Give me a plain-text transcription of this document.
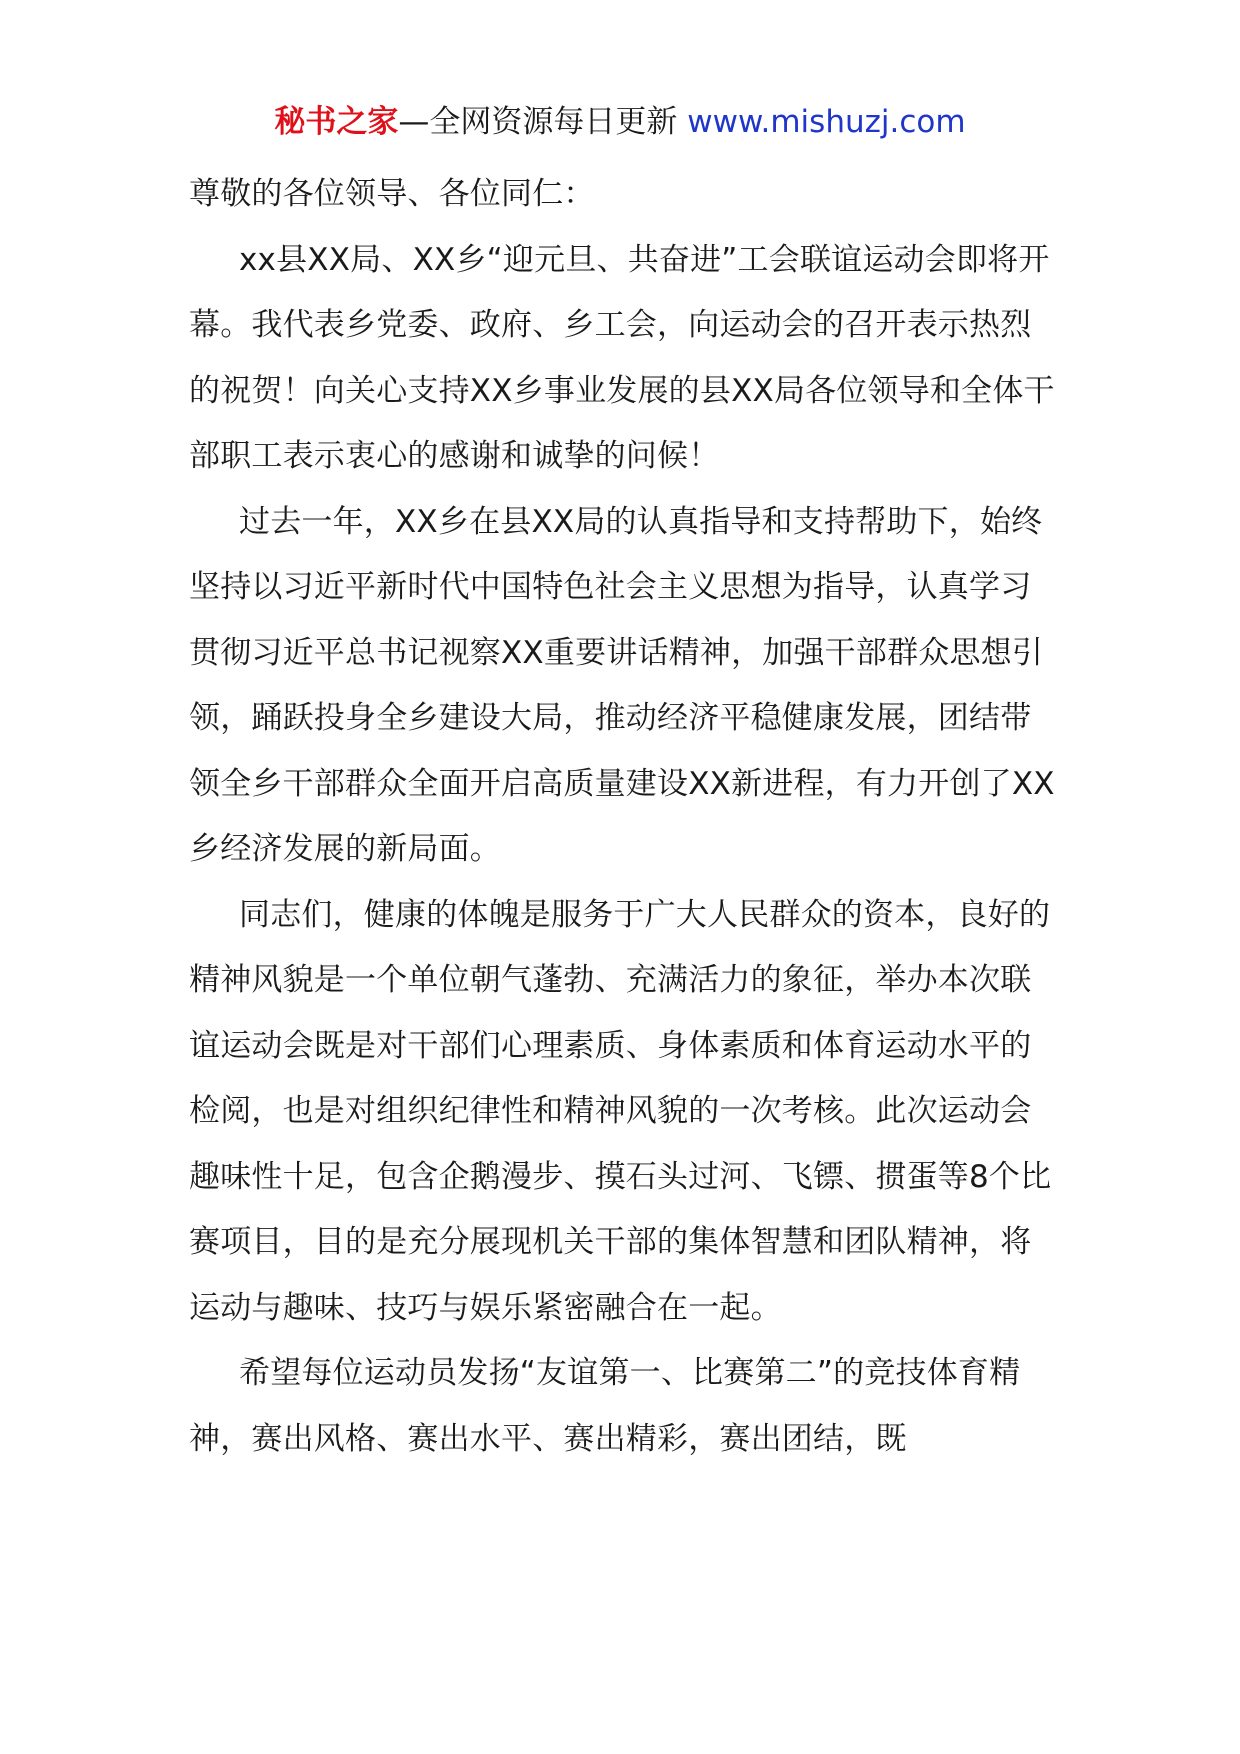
秘书之家—全网资源每日更新 www.mishuzj.com

尊敬的各位领导、各位同仁：

xx县XX局、XX乡“迎元旦、共奋进”工会联谊运动会即将开幕。我代表乡党委、政府、乡工会，向运动会的召开表示热烈的祝贺！向关心支持XX乡事业发展的县XX局各位领导和全体干部职工表示衷心的感谢和诚挚的问候！

过去一年，XX乡在县XX局的认真指导和支持帮助下，始终坚持以习近平新时代中国特色社会主义思想为指导，认真学习贯彻习近平总书记视察XX重要讲话精神，加强干部群众思想引领，踊跃投身全乡建设大局，推动经济平稳健康发展，团结带领全乡干部群众全面开启高质量建设XX新进程，有力开创了XX乡经济发展的新局面。

同志们，健康的体魄是服务于广大人民群众的资本，良好的精神风貌是一个单位朝气蓬勃、充满活力的象征，举办本次联谊运动会既是对干部们心理素质、身体素质和体育运动水平的检阅，也是对组织纪律性和精神风貌的一次考核。此次运动会趣味性十足，包含企鹅漫步、摸石头过河、飞镖、掼蛋等8个比赛项目，目的是充分展现机关干部的集体智慧和团队精神，将运动与趣味、技巧与娱乐紧密融合在一起。

希望每位运动员发扬“友谊第一、比赛第二”的竞技体育精神，赛出风格、赛出水平、赛出精彩，赛出团结，既
